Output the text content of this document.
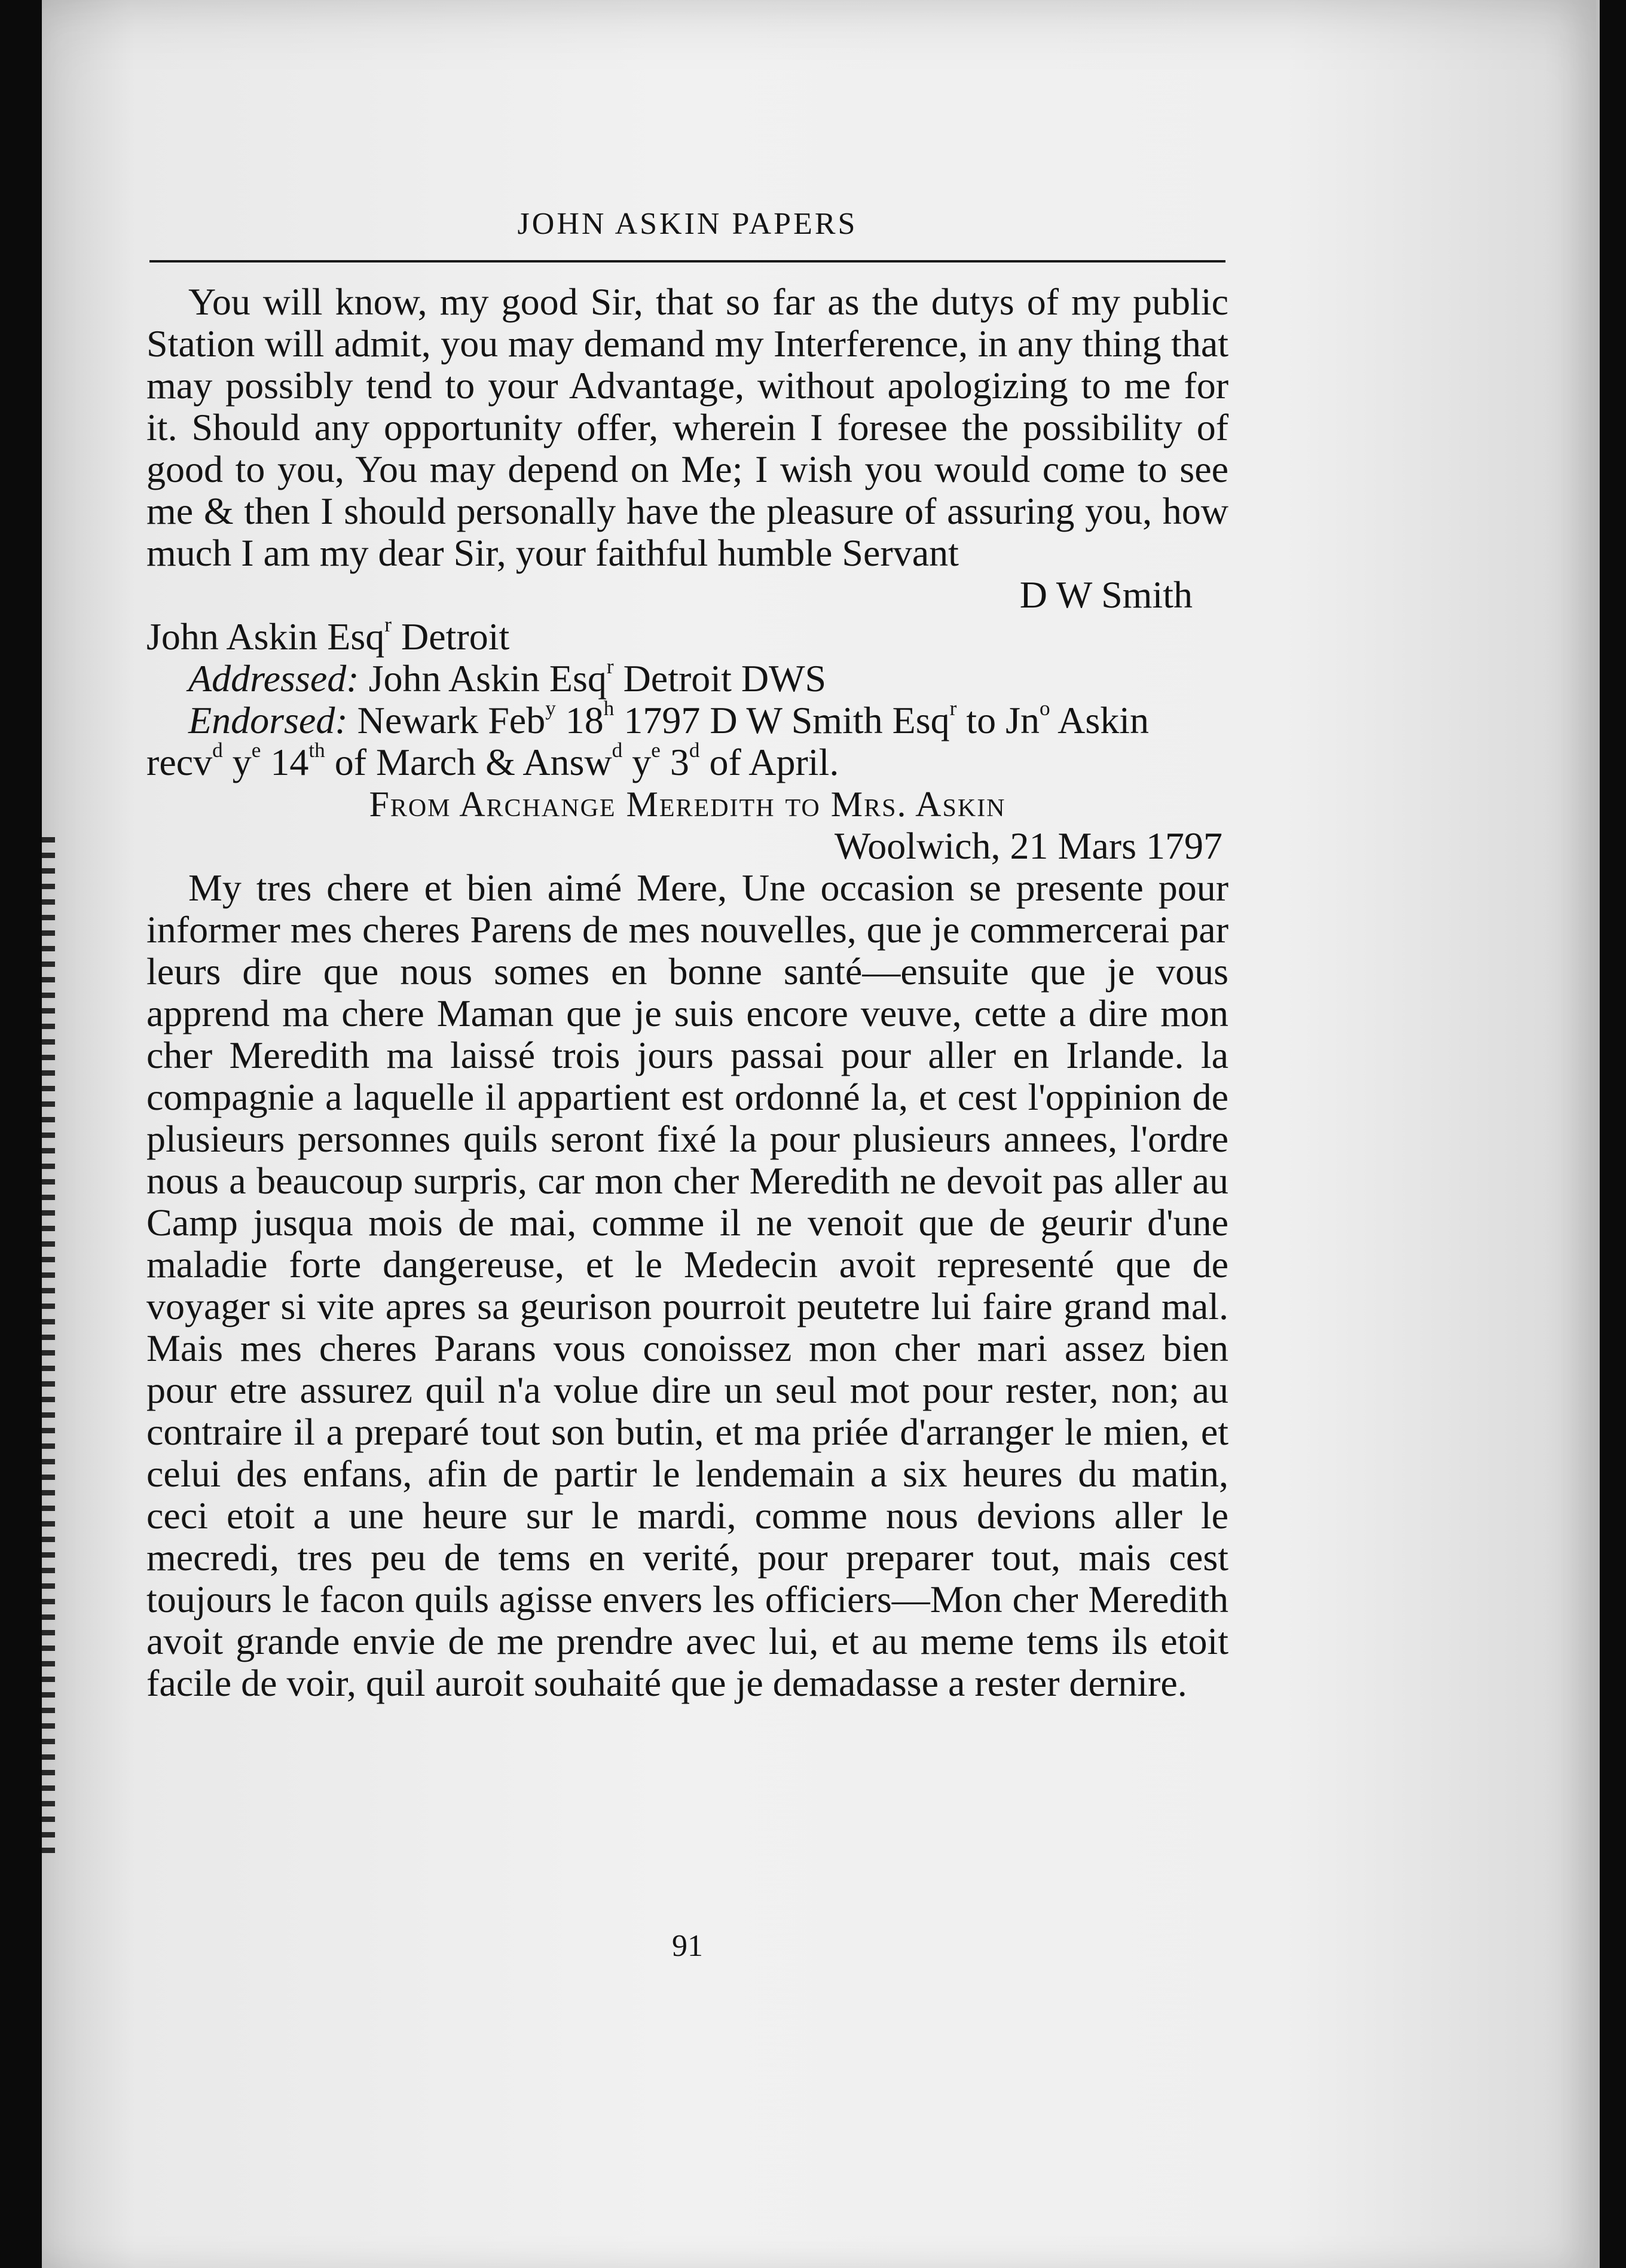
JOHN ASKIN PAPERS

You will know, my good Sir, that so far as the dutys of my public Station will admit, you may demand my Interference, in any thing that may possibly tend to your Advantage, without apologizing to me for it. Should any opportunity offer, wherein I foresee the possibility of good to you, You may depend on Me; I wish you would come to see me & then I should personally have the pleasure of assuring you, how much I am my dear Sir, your faithful humble Servant

D W Smith

John Askin Esq$^r$ Detroit

Addressed: John Askin Esq$^r$ Detroit DWS

Endorsed: Newark Feb$^y$ 18$^h$ 1797 D W Smith Esq$^r$ to Jn$^o$ Askin recv$^d$ $y^e$ 14th of March & Answ$^d$ $y^e$ 3$^d$ of April.

From Archange Meredith to Mrs. Askin

Woolwich, 21 Mars 1797

My tres chere et bien aimé Mere, Une occasion se presente pour informer mes cheres Parens de mes nouvelles, que je commercerai par leurs dire que nous somes en bonne santé—ensuite que je vous apprend ma chere Maman que je suis encore veuve, cette a dire mon cher Meredith ma laissé trois jours passai pour aller en Irlande. la compagnie a laquelle il appartient est ordonné la, et cest l'oppinion de plusieurs personnes quils seront fixé la pour plusieurs annees, l'ordre nous a beaucoup surpris, car mon cher Meredith ne devoit pas aller au Camp jusqua mois de mai, comme il ne venoit que de geurir d'une maladie forte dangereuse, et le Medecin avoit representé que de voyager si vite apres sa geurison pourroit peutetre lui faire grand mal. Mais mes cheres Parans vous conoissez mon cher mari assez bien pour etre assurez quil n'a volue dire un seul mot pour rester, non; au contraire il a preparé tout son butin, et ma priée d'arranger le mien, et celui des enfans, afin de partir le lendemain a six heures du matin, ceci etoit a une heure sur le mardi, comme nous devions aller le mecredi, tres peu de tems en verité, pour preparer tout, mais cest toujours le facon quils agisse envers les officiers—Mon cher Meredith avoit grande envie de me prendre avec lui, et au meme tems ils etoit facile de voir, quil auroit souhaité que je demadasse a rester dernire.

91
